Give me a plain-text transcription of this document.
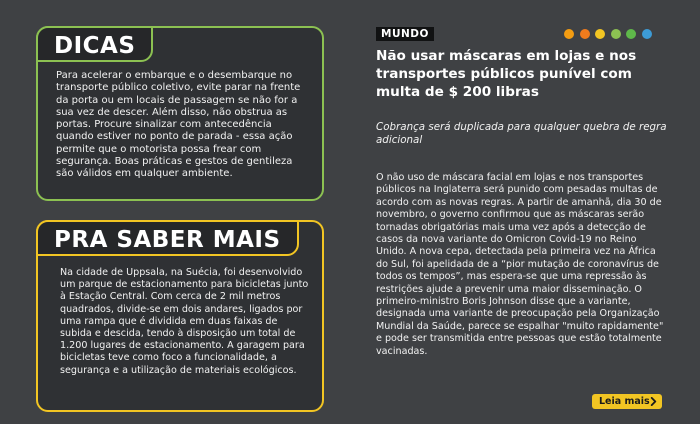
DICAS

Para acelerar o embarque e o desembarque no transporte público coletivo, evite parar na frente da porta ou em locais de passagem se não for a sua vez de descer. Além disso, não obstrua as portas. Procure sinalizar com antecedência quando estiver no ponto de parada - essa ação permite que o motorista possa frear com segurança. Boas práticas e gestos de gentileza são válidos em qualquer ambiente.

PRA SABER MAIS

Na cidade de Uppsala, na Suécia, foi desenvolvido um parque de estacionamento para bicicletas junto à Estação Central. Com cerca de 2 mil metros quadrados, divide-se em dois andares, ligados por uma rampa que é dividida em duas faixas de subida e descida, tendo à disposição um total de 1.200 lugares de estacionamento. A garagem para bicicletas teve como foco a funcionalidade, a segurança e a utilização de materiais ecológicos.

MUNDO
Não usar máscaras em lojas e nos transportes públicos punível com multa de $ 200 libras

Cobrança será duplicada para qualquer quebra de regra adicional

O não uso de máscara facial em lojas e nos transportes públicos na Inglaterra será punido com pesadas multas de acordo com as novas regras. A partir de amanhã, dia 30 de novembro, o governo confirmou que as máscaras serão tornadas obrigatórias mais uma vez após a detecção de casos da nova variante do Omicron Covid-19 no Reino Unido. A nova cepa, detectada pela primeira vez na África do Sul, foi apelidada de a “pior mutação de coronavírus de todos os tempos”, mas espera-se que uma repressão às restrições ajude a prevenir uma maior disseminação. O primeiro-ministro Boris Johnson disse que a variante, designada uma variante de preocupação pela Organização Mundial da Saúde, parece se espalhar "muito rapidamente" e pode ser transmitida entre pessoas que estão totalmente vacinadas.

Leia mais
